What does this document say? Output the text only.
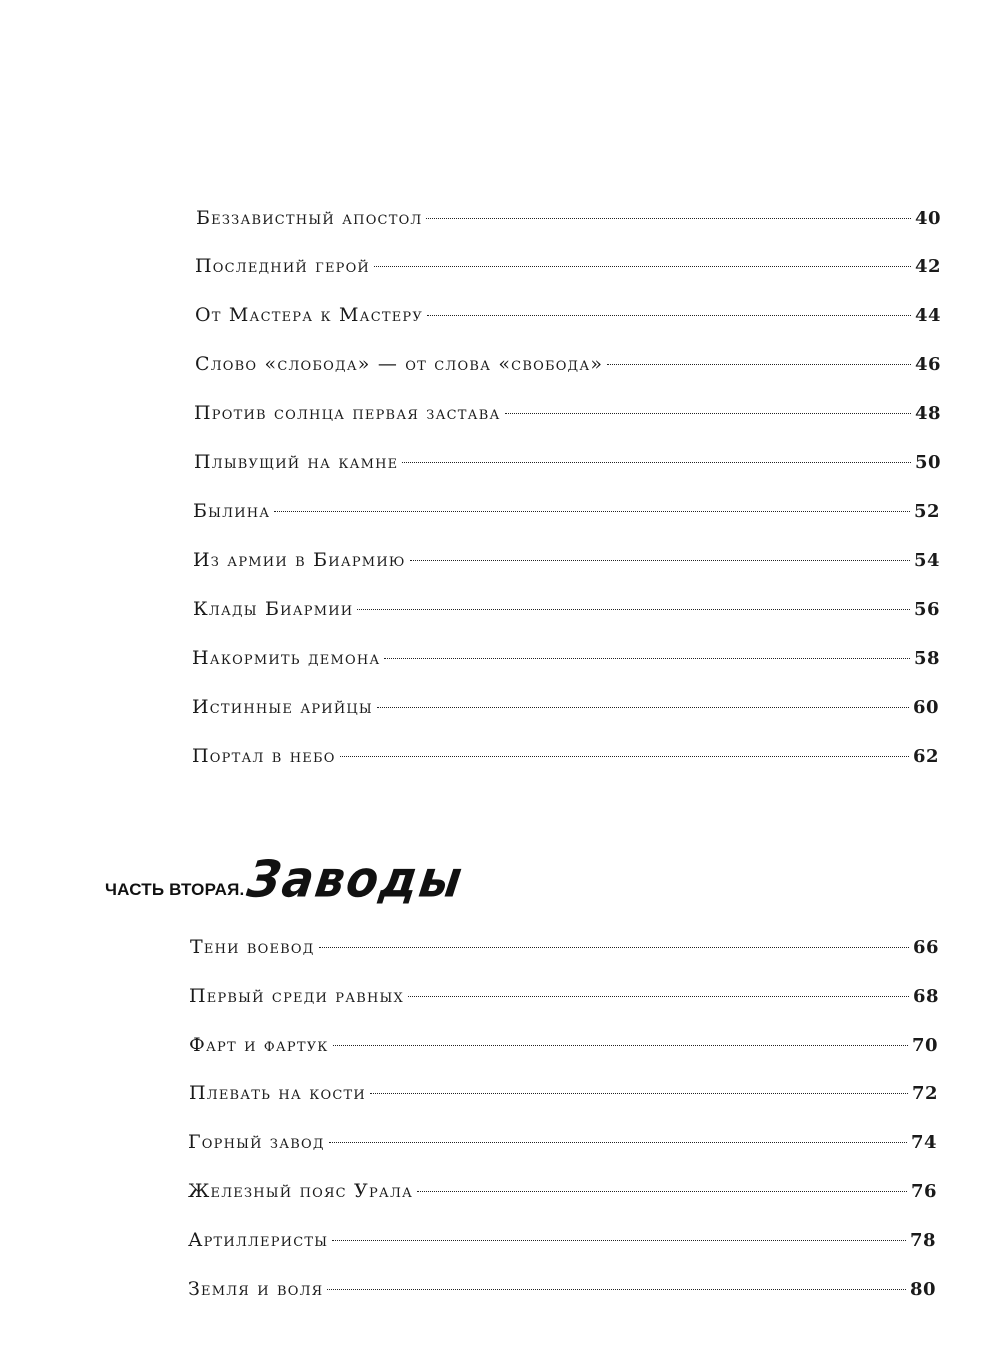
Беззавистный апостол	40
Последний герой	42
От Мастера к Мастеру	44
Слово «слобода» — от слова «свобода»	46
Против солнца первая застава	48
Плывущий на камне	50
Былина	52
Из армии в Биармию	54
Клады Биармии	56
Накормить демона	58
Истинные арийцы	60
Портал в небо	62
ЧАСТЬ ВТОРАЯ. Заводы
Тени воевод	66
Первый среди равных	68
Фарт и фартук	70
Плевать на кости	72
Горный завод	74
Железный пояс Урала	76
Артиллеристы	78
Земля и воля	80
